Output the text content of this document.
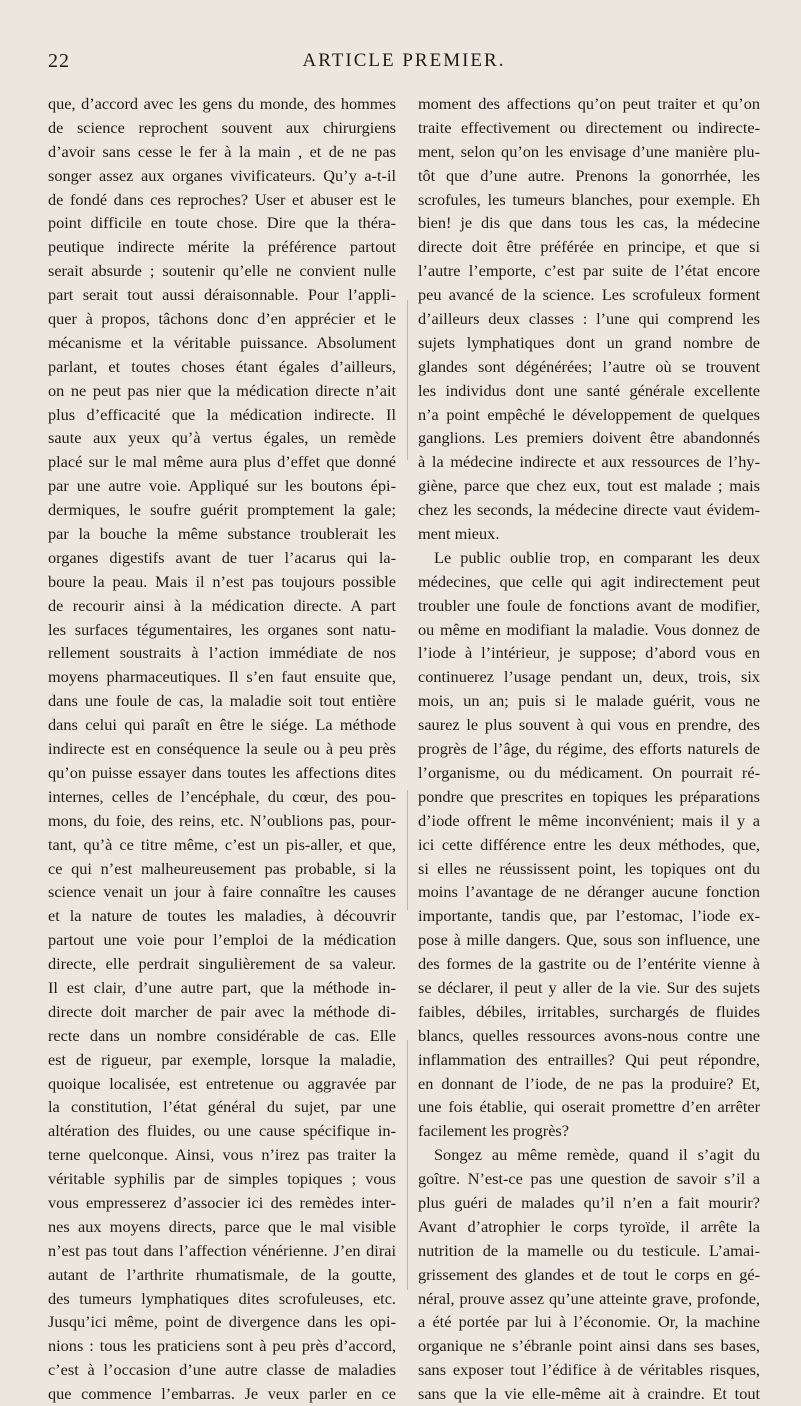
22	ARTICLE PREMIER.
que, d’accord avec les gens du monde, des hommes
de science reprochent souvent aux chirurgiens
d’avoir sans cesse le fer à la main , et de ne pas
songer assez aux organes vivificateurs. Qu’y a-t-il
de fondé dans ces reproches? User et abuser est le
point difficile en toute chose. Dire que la théra-
peutique indirecte mérite la préférence partout
serait absurde ; soutenir qu’elle ne convient nulle
part serait tout aussi déraisonnable. Pour l’appli-
quer à propos, tâchons donc d’en apprécier et le
mécanisme et la véritable puissance. Absolument
parlant, et toutes choses étant égales d’ailleurs,
on ne peut pas nier que la médication directe n’ait
plus d’efficacité que la médication indirecte. Il
saute aux yeux qu’à vertus égales, un remède
placé sur le mal même aura plus d’effet que donné
par une autre voie. Appliqué sur les boutons épi-
dermiques, le soufre guérit promptement la gale;
par la bouche la même substance troublerait les
organes digestifs avant de tuer l’acarus qui la-
boure la peau. Mais il n’est pas toujours possible
de recourir ainsi à la médication directe. A part
les surfaces tégumentaires, les organes sont natu-
rellement soustraits à l’action immédiate de nos
moyens pharmaceutiques. Il s’en faut ensuite que,
dans une foule de cas, la maladie soit tout entière
dans celui qui paraît en être le siége. La méthode
indirecte est en conséquence la seule ou à peu près
qu’on puisse essayer dans toutes les affections dites
internes, celles de l’encéphale, du cœur, des pou-
mons, du foie, des reins, etc. N’oublions pas, pour-
tant, qu’à ce titre même, c’est un pis-aller, et que,
ce qui n’est malheureusement pas probable, si la
science venait un jour à faire connaître les causes
et la nature de toutes les maladies, à découvrir
partout une voie pour l’emploi de la médication
directe, elle perdrait singulièrement de sa valeur.
Il est clair, d’une autre part, que la méthode in-
directe doit marcher de pair avec la méthode di-
recte dans un nombre considérable de cas. Elle
est de rigueur, par exemple, lorsque la maladie,
quoique localisée, est entretenue ou aggravée par
la constitution, l’état général du sujet, par une
altération des fluides, ou une cause spécifique in-
terne quelconque. Ainsi, vous n’irez pas traiter la
véritable syphilis par de simples topiques ; vous
vous empresserez d’associer ici des remèdes inter-
nes aux moyens directs, parce que le mal visible
n’est pas tout dans l’affection vénérienne. J’en dirai
autant de l’arthrite rhumatismale, de la goutte,
des tumeurs lymphatiques dites scrofuleuses, etc.
Jusqu’ici même, point de divergence dans les opi-
nions : tous les praticiens sont à peu près d’accord,
c’est à l’occasion d’une autre classe de maladies
que commence l’embarras. Je veux parler en ce
moment des affections qu’on peut traiter et qu’on
traite effectivement ou directement ou indirecte-
ment, selon qu’on les envisage d’une manière plu-
tôt que d’une autre. Prenons la gonorrhée, les
scrofules, les tumeurs blanches, pour exemple. Eh
bien! je dis que dans tous les cas, la médecine
directe doit être préférée en principe, et que si
l’autre l’emporte, c’est par suite de l’état encore
peu avancé de la science. Les scrofuleux forment
d’ailleurs deux classes : l’une qui comprend les
sujets lymphatiques dont un grand nombre de
glandes sont dégénérées; l’autre où se trouvent
les individus dont une santé générale excellente
n’a point empêché le développement de quelques
ganglions. Les premiers doivent être abandonnés
à la médecine indirecte et aux ressources de l’hy-
giène, parce que chez eux, tout est malade ; mais
chez les seconds, la médecine directe vaut évidem-
ment mieux.
Le public oublie trop, en comparant les deux
médecines, que celle qui agit indirectement peut
troubler une foule de fonctions avant de modifier,
ou même en modifiant la maladie. Vous donnez de
l’iode à l’intérieur, je suppose; d’abord vous en
continuerez l’usage pendant un, deux, trois, six
mois, un an; puis si le malade guérit, vous ne
saurez le plus souvent à qui vous en prendre, des
progrès de l’âge, du régime, des efforts naturels de
l’organisme, ou du médicament. On pourrait ré-
pondre que prescrites en topiques les préparations
d’iode offrent le même inconvénient; mais il y a
ici cette différence entre les deux méthodes, que,
si elles ne réussissent point, les topiques ont du
moins l’avantage de ne déranger aucune fonction
importante, tandis que, par l’estomac, l’iode ex-
pose à mille dangers. Que, sous son influence, une
des formes de la gastrite ou de l’entérite vienne à
se déclarer, il peut y aller de la vie. Sur des sujets
faibles, débiles, irritables, surchargés de fluides
blancs, quelles ressources avons-nous contre une
inflammation des entrailles? Qui peut répondre,
en donnant de l’iode, de ne pas la produire? Et,
une fois établie, qui oserait promettre d’en arrêter
facilement les progrès?
Songez au même remède, quand il s’agit du
goître. N’est-ce pas une question de savoir s’il a
plus guéri de malades qu’il n’en a fait mourir?
Avant d’atrophier le corps tyroïde, il arrête la
nutrition de la mamelle ou du testicule. L’amai-
grissement des glandes et de tout le corps en gé-
néral, prouve assez qu’une atteinte grave, profonde,
a été portée par lui à l’économie. Or, la machine
organique ne s’ébranle point ainsi dans ses bases,
sans exposer tout l’édifice à de véritables risques,
sans que la vie elle-même ait à craindre. Et tout
